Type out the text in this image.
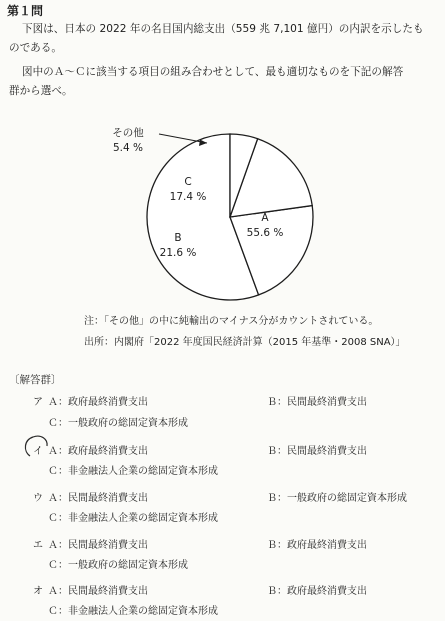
第１問
下図は、日本の 2022 年の名目国内総支出（559 兆 7,101 億円）の内訳を示したも
のである。
図中のＡ～Ｃに該当する項目の組み合わせとして、最も適切なものを下記の解答
群から選べ。
A
55.6 %
B
21.6 %
C
17.4 %
その他
5.4 %
注：「その他」の中に純輸出のマイナス分がカウントされている。
出所：内閣府「2022 年度国民経済計算（2015 年基準・2008 SNA）」
〔解答群〕
ア Ａ：政府最終消費支出	Ｂ：民間最終消費支出
Ｃ：一般政府の総固定資本形成
イ Ａ：政府最終消費支出	Ｂ：民間最終消費支出
Ｃ：非金融法人企業の総固定資本形成
ウ Ａ：民間最終消費支出	Ｂ：一般政府の総固定資本形成
Ｃ：非金融法人企業の総固定資本形成
エ Ａ：民間最終消費支出	Ｂ：政府最終消費支出
Ｃ：一般政府の総固定資本形成
オ Ａ：民間最終消費支出	Ｂ：政府最終消費支出
Ｃ：非金融法人企業の総固定資本形成
